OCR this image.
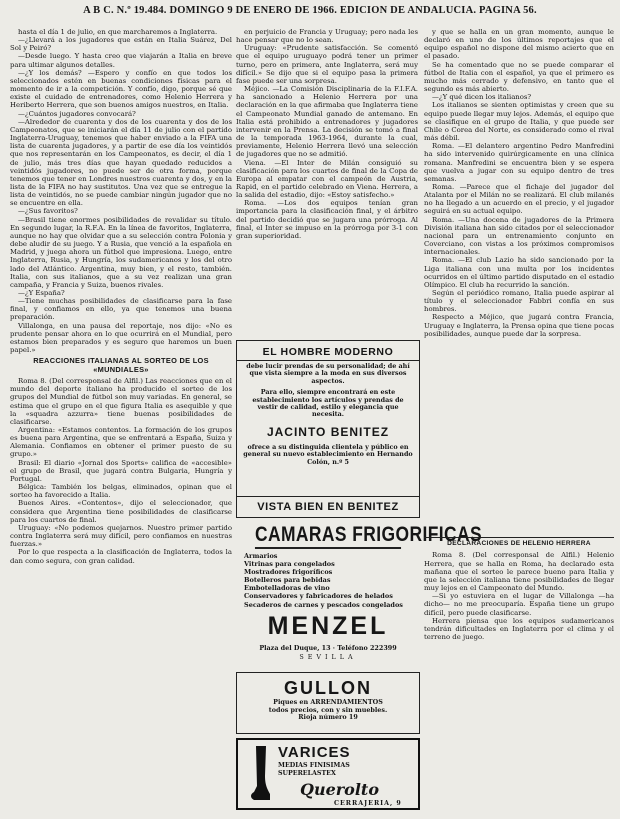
A B C. N.º 19.484. DOMINGO 9 DE ENERO DE 1966. EDICION DE ANDALUCIA. PAGINA 56.

hasta el día 1 de julio, en que marcharemos a Inglaterra.

—¿Llevará a los jugadores que están en Italia Suárez, Del Sol y Peiró?

—Desde luego. Y hasta creo que viajarán a Italia en breve para ultimar algunos detalles.

—¿Y los demás? —Espero y confío en que todos los seleccionados estén en buenas condiciones físicas para el momento de ir a la competición. Y confío, digo, porque sé que existe el cuidado de entrenadores, como Helenio Herrera y Heriberto Herrera, que son buenos amigos nuestros, en Italia.

—¿Cuántos jugadores convocará?

—Alrededor de cuarenta y dos de los cuarenta y dos de los Campeonatos, que se iniciarán el día 11 de julio con el partido Inglaterra-Uruguay, tenemos que haber enviado a la FIFA una lista de cuarenta jugadores, y a partir de ese día los veintidós que nos representarán en los Campeonatos, es decir, el día 1 de julio, más tres días que hayan quedado reducidos a veintidós jugadores, no puede ser de otra forma, porque tenemos que tener en Londres nuestros cuarenta y dos, y en la lista de la FIFA no hay sustitutos. Una vez que se entregue la lista de veintidós, no se puede cambiar ningún jugador que no se encuentre en ella.

—¿Sus favoritos?

—Brasil tiene enormes posibilidades de revalidar su título. En segundo lugar, la R.F.A. En la línea de favoritos, Inglaterra, aunque no hay que olvidar que a su selección contra Polonia y debe aludir de su juego. Y a Rusia, que venció a la española en Madrid, y juega ahora un fútbol que impresiona. Luego, entre Inglaterra, Rusia, y Hungría, los sudamericanos y los del otro lado del Atlántico. Argentina, muy bien, y el resto, también. Italia, con sus italianos, que a su vez realizan una gran campaña, y Francia y Suiza, buenos rivales.

—¿Y España?

—Tiene muchas posibilidades de clasificarse para la fase final, y confiamos en ello, ya que tenemos una buena preparación.

Villalonga, en una pausa del reportaje, nos dijo: «No es prudente pensar ahora en lo que ocurrirá en el Mundial, pero estamos bien preparados y es seguro que haremos un buen papel.»

REACCIONES ITALIANAS AL SORTEO DE LOS «MUNDIALES»

Roma 8. (Del corresponsal de Alfil.) Las reacciones que en el mundo del deporte italiano ha producido el sorteo de los grupos del Mundial de fútbol son muy variadas. En general, se estima que el grupo en el que figura Italia es asequible y que la «squadra azzurra» tiene buenas posibilidades de clasificarse.

Argentina: «Estamos contentos. La formación de los grupos es buena para Argentina, que se enfrentará a España, Suiza y Alemania. Confiamos en obtener el primer puesto de su grupo.»

Brasil: El diario «Jornal dos Sports» califica de «accesible» el grupo de Brasil, que jugará contra Bulgaria, Hungría y Portugal.

Bélgica: También los belgas, eliminados, opinan que el sorteo ha favorecido a Italia.

Buenos Aires. «Contentos», dijo el seleccionador, que considera que Argentina tiene posibilidades de clasificarse para los cuartos de final.

Uruguay: «No podemos quejarnos. Nuestro primer partido contra Inglaterra será muy difícil, pero confiamos en nuestras fuerzas.»

Por lo que respecta a la clasificación de Inglaterra, todos la dan como segura, con gran calidad.

en perjuicio de Francia y Uruguay; pero nada les hace pensar que no lo sean.

Uruguay: «Prudente satisfacción. Se comentó que el equipo uruguayo podrá tener un primer turno, pero en primera, ante Inglaterra, será muy difícil.» Se dijo que si el equipo pasa la primera fase puede ser una sorpresa.

Méjico. —La Comisión Disciplinaria de la F.I.F.A. ha sancionado a Helenio Herrera por una declaración en la que afirmaba que Inglaterra tiene el Campeonato Mundial ganado de antemano. En Italia está prohibido a entrenadores y jugadores intervenir en la Prensa. La decisión se tomó a final de la temporada 1963-1964, durante la cual, previamente, Helenio Herrera llevó una selección de jugadores que no se admitió.

Viena. —El Inter de Milán consiguió su clasificación para los cuartos de final de la Copa de Europa al empatar con el campeón de Austria, Rapid, en el partido celebrado en Viena. Herrera, a la salida del estadio, dijo: «Estoy satisfecho.»

Roma. —Los dos equipos tenían gran importancia para la clasificación final, y el árbitro del partido decidió que se jugara una prórroga. Al final, el Inter se impuso en la prórroga por 3-1 con gran superioridad.

EL HOMBRE MODERNO
debe lucir prendas de su personalidad; de ahí que vista siempre a la moda en sus diversos aspectos.
Para ello, siempre encontrará en este establecimiento los artículos y prendas de vestir de calidad, estilo y elegancia que necesita.
JACINTO BENITEZ
ofrece a su distinguida clientela y público en general su nuevo establecimiento en Hernando Colón, n.º 5
VISTA BIEN EN BENITEZ
CAMARAS FRIGORIFICAS
Armarios
Vitrinas para congelados
Mostradores frigoríficos
Botelleros para bebidas
Embotelladoras de vino
Conservadores y fabricadores de helados
Secaderos de carnes y pescados congelados
MENZEL
Plaza del Duque, 13 · Teléfono 222399
SEVILLA
GULLON
Piques en ARRENDAMIENTOS
todos precios, con y sin muebles.
Rioja número 19
VARICES
MEDIAS FINISIMAS
SUPERELASTEX
Querolto
CERRAJERIA, 9

y que se halla en un gran momento, aunque le declaró en uno de los últimos reportajes que el equipo español no dispone del mismo acierto que en el pasado.

Se ha comentado que no se puede comparar el fútbol de Italia con el español, ya que el primero es mucho más cerrado y defensivo, en tanto que el segundo es más abierto.

—¿Y qué dicen los italianos?

Los italianos se sienten optimistas y creen que su equipo puede llegar muy lejos. Además, el equipo que se clasifique en el grupo de Italia, y que puede ser Chile o Corea del Norte, es considerado como el rival más débil.

Roma. —El delantero argentino Pedro Manfredini ha sido intervenido quirúrgicamente en una clínica romana. Manfredini se encuentra bien y se espera que vuelva a jugar con su equipo dentro de tres semanas.

Roma. —Parece que el fichaje del jugador del Atalanta por el Milán no se realizará. El club milanés no ha llegado a un acuerdo en el precio, y el jugador seguirá en su actual equipo.

Roma. —Una docena de jugadores de la Primera División italiana han sido citados por el seleccionador nacional para un entrenamiento conjunto en Coverciano, con vistas a los próximos compromisos internacionales.

Roma. —El club Lazio ha sido sancionado por la Liga italiana con una multa por los incidentes ocurridos en el último partido disputado en el estadio Olímpico. El club ha recurrido la sanción.

Según el periódico romano, Italia puede aspirar al título y el seleccionador Fabbri confía en sus hombres.

Respecto a Méjico, que jugará contra Francia, Uruguay e Inglaterra, la Prensa opina que tiene pocas posibilidades, aunque puede dar la sorpresa.

DECLARACIONES DE HELENIO HERRERA

Roma 8. (Del corresponsal de Alfil.) Helenio Herrera, que se halla en Roma, ha declarado esta mañana que el sorteo le parece bueno para Italia y que la selección italiana tiene posibilidades de llegar muy lejos en el Campeonato del Mundo.

—Si yo estuviera en el lugar de Villalonga —ha dicho— no me preocuparía. España tiene un grupo difícil, pero puede clasificarse.

Herrera piensa que los equipos sudamericanos tendrán dificultades en Inglaterra por el clima y el terreno de juego.
